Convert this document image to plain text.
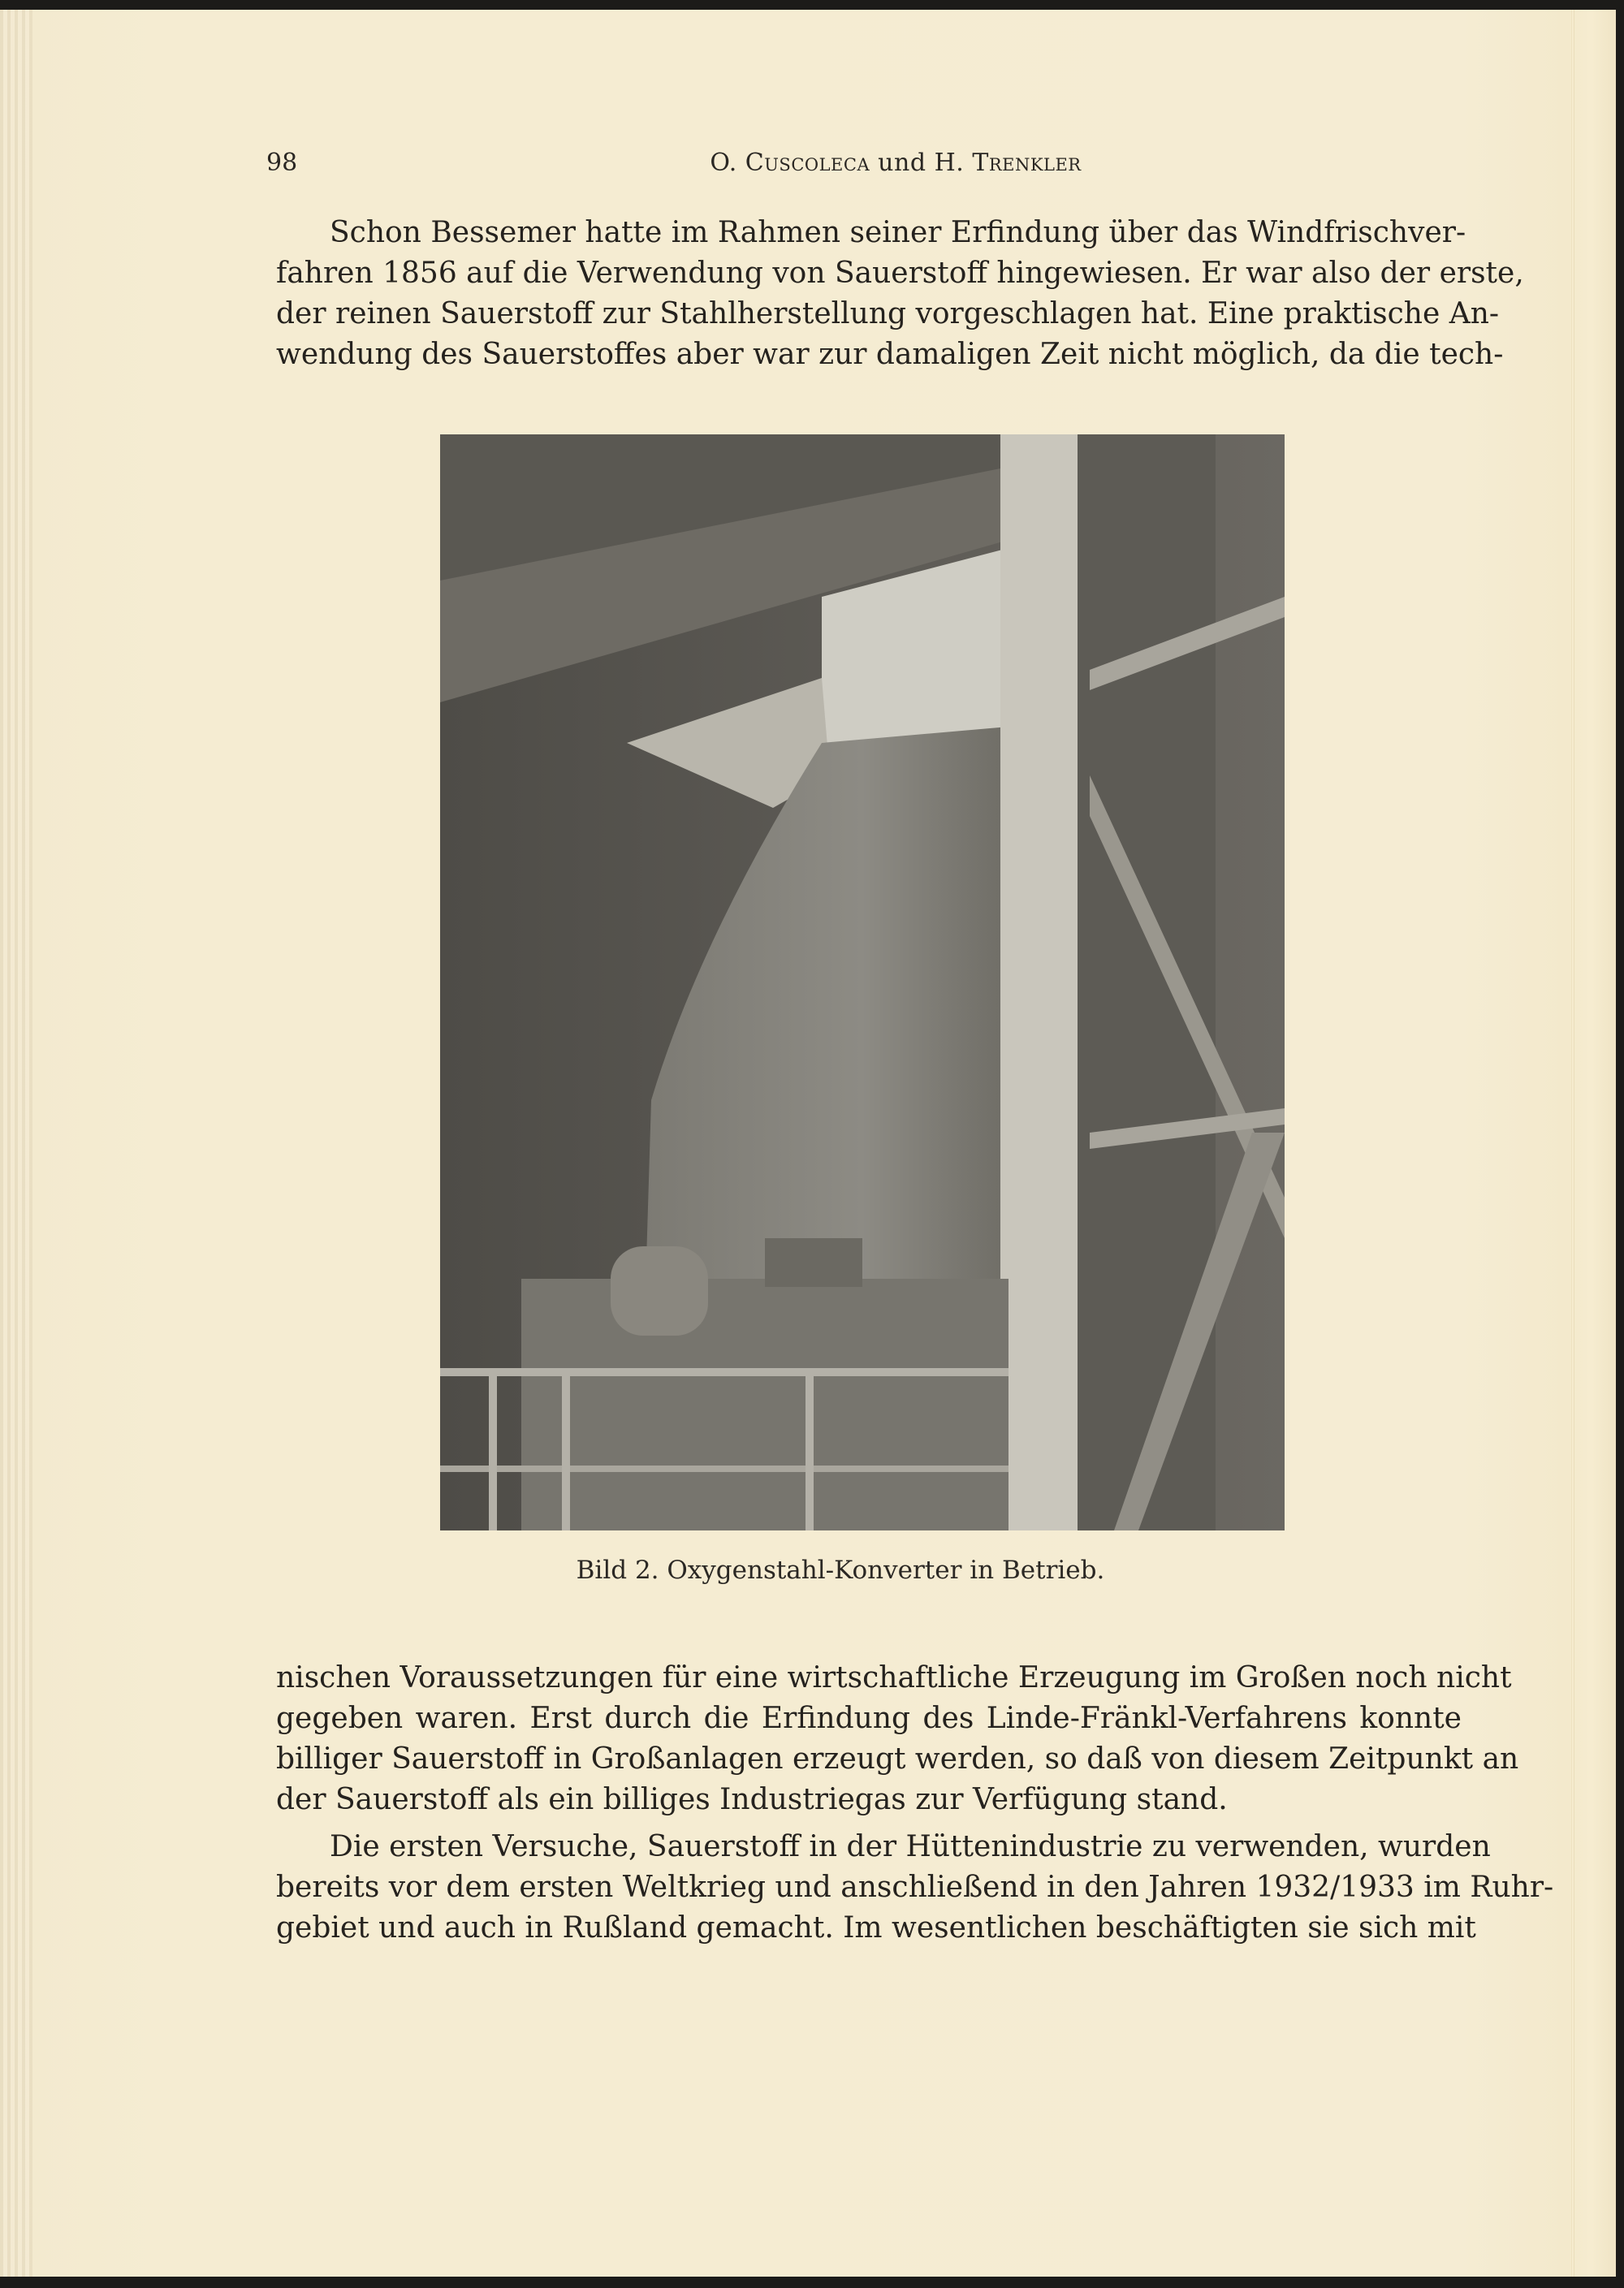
98	O. Cuscoleca und H. Trenkler
Schon Bessemer hatte im Rahmen seiner Erfindung über das Windfrischver-
fahren 1856 auf die Verwendung von Sauerstoff hingewiesen. Er war also der erste,
der reinen Sauerstoff zur Stahlherstellung vorgeschlagen hat. Eine praktische An-
wendung des Sauerstoffes aber war zur damaligen Zeit nicht möglich, da die tech-
Bild 2. Oxygenstahl-Konverter in Betrieb.
nischen Voraussetzungen für eine wirtschaftliche Erzeugung im Großen noch nicht
gegeben waren. Erst durch die Erfindung des Linde-Fränkl-Verfahrens konnte
billiger Sauerstoff in Großanlagen erzeugt werden, so daß von diesem Zeitpunkt an
der Sauerstoff als ein billiges Industriegas zur Verfügung stand.
Die ersten Versuche, Sauerstoff in der Hüttenindustrie zu verwenden, wurden
bereits vor dem ersten Weltkrieg und anschließend in den Jahren 1932/1933 im Ruhr-
gebiet und auch in Rußland gemacht. Im wesentlichen beschäftigten sie sich mit
